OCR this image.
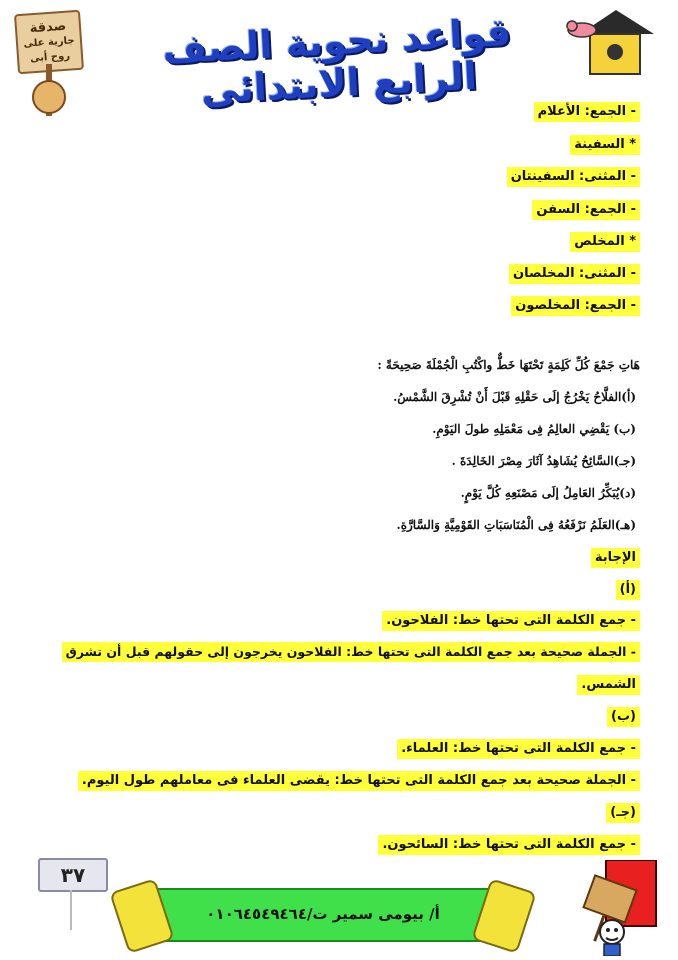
صدقة
جارية على
روح أبى	قواعد نحوية الصف الرابع الابتدائى	- الجمع: الأعلام
* السفينة
- المثنى: السفينتان
- الجمع: السفن
* المخلص
- المثنى: المخلصان
- الجمع: المخلصون
هَاتِ جَمْعَ كُلِّ كَلِمَةٍ تَحْتَهَا خَطٌّ واكْتُبِ الْجُمْلَةَ صَحِيحَةً :
(أ)الفلَّاحُ يَخْرُجُ إلَى حَقْلِهِ قَبْلَ أَنْ تُشْرِقَ الشَّمْسُ.
(ب) يَقْضِي العالِمُ فِى مَعْمَلِهِ طولَ اليَوْمِ.
(جـ)السَّائِحُ يُشَاهِدُ آثَارَ مِصْرَ الخَالِدَةَ .
(د)يُبَكِّرُ العَامِلُ إلَى مَصْنَعِهِ كُلَّ يَوْمٍ.
(هـ)العَلَمُ نَرْفَعُهُ فِى الْمُنَاسَبَاتِ القَوْمِيَّةِ وَالسَّارَّةِ.
الإجابة
(أ)
- جمع الكلمة التى تحتها خط: الفلاحون.
- الجملة صحيحة بعد جمع الكلمة التى تحتها خط: الفلاحون يخرجون إلى حقولهم قبل أن تشرق
الشمس.
(ب)
- جمع الكلمة التى تحتها خط: العلماء.
- الجملة صحيحة بعد جمع الكلمة التى تحتها خط: يقضى العلماء فى معاملهم طول اليوم.
(جـ)
- جمع الكلمة التى تحتها خط: السائحون.
٣٧
أ/ بيومى سمير ت/٠١٠٦٤٥٤٩٤٦٤
